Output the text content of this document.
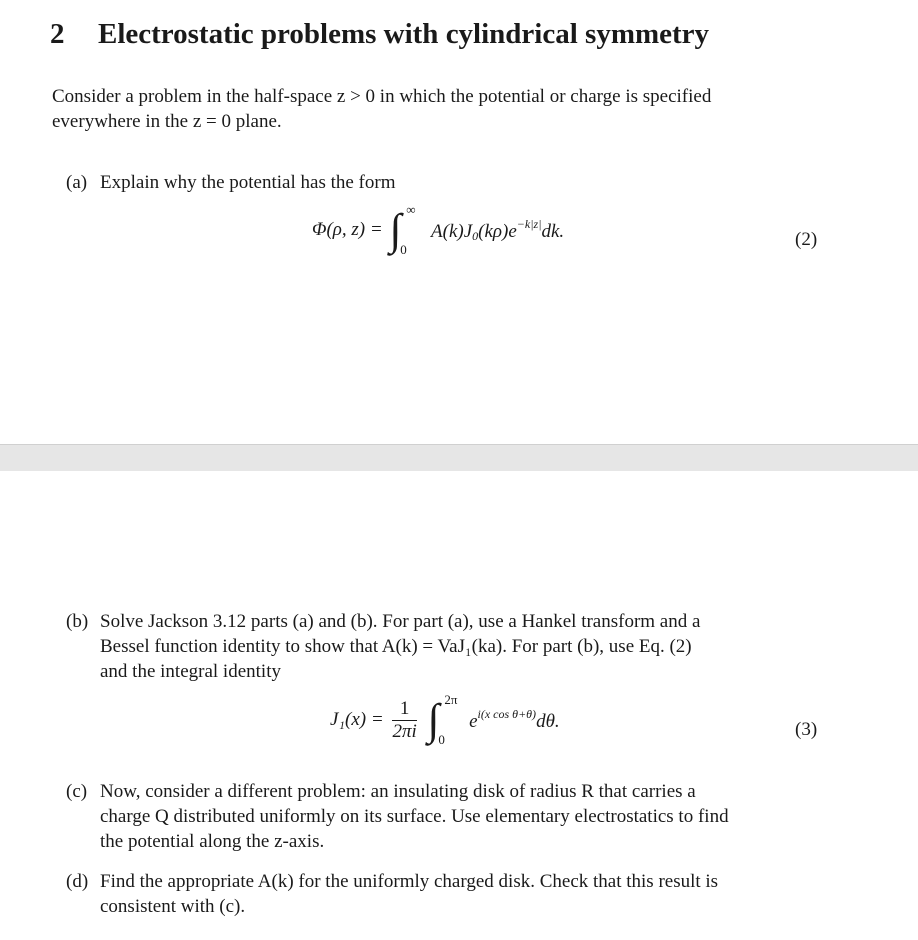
2 Electrostatic problems with cylindrical symmetry
Consider a problem in the half-space z > 0 in which the potential or charge is specified
everywhere in the z = 0 plane.
(a) Explain why the potential has the form
Φ(ρ, z) = ∫ ∞
0
$A(k)J_0(k\rho)e^{-k|z|}dk$.	(2)
(b) Solve Jackson 3.12 parts (a) and (b). For part (a), use a Hankel transform and a
Bessel function identity to show that A(k) = VaJ₁(ka). For part (b), use Eq. (2)
and the integral identity
$J_1(x) = \frac{1}{2\pi i}$ ∫ 2π
0
$e^{i(x cos \theta+\theta)}d\theta$.	(3)
(c) Now, consider a different problem: an insulating disk of radius R that carries a
charge Q distributed uniformly on its surface. Use elementary electrostatics to find
the potential along the z-axis.
(d) Find the appropriate A(k) for the uniformly charged disk. Check that this result is
consistent with (c).
